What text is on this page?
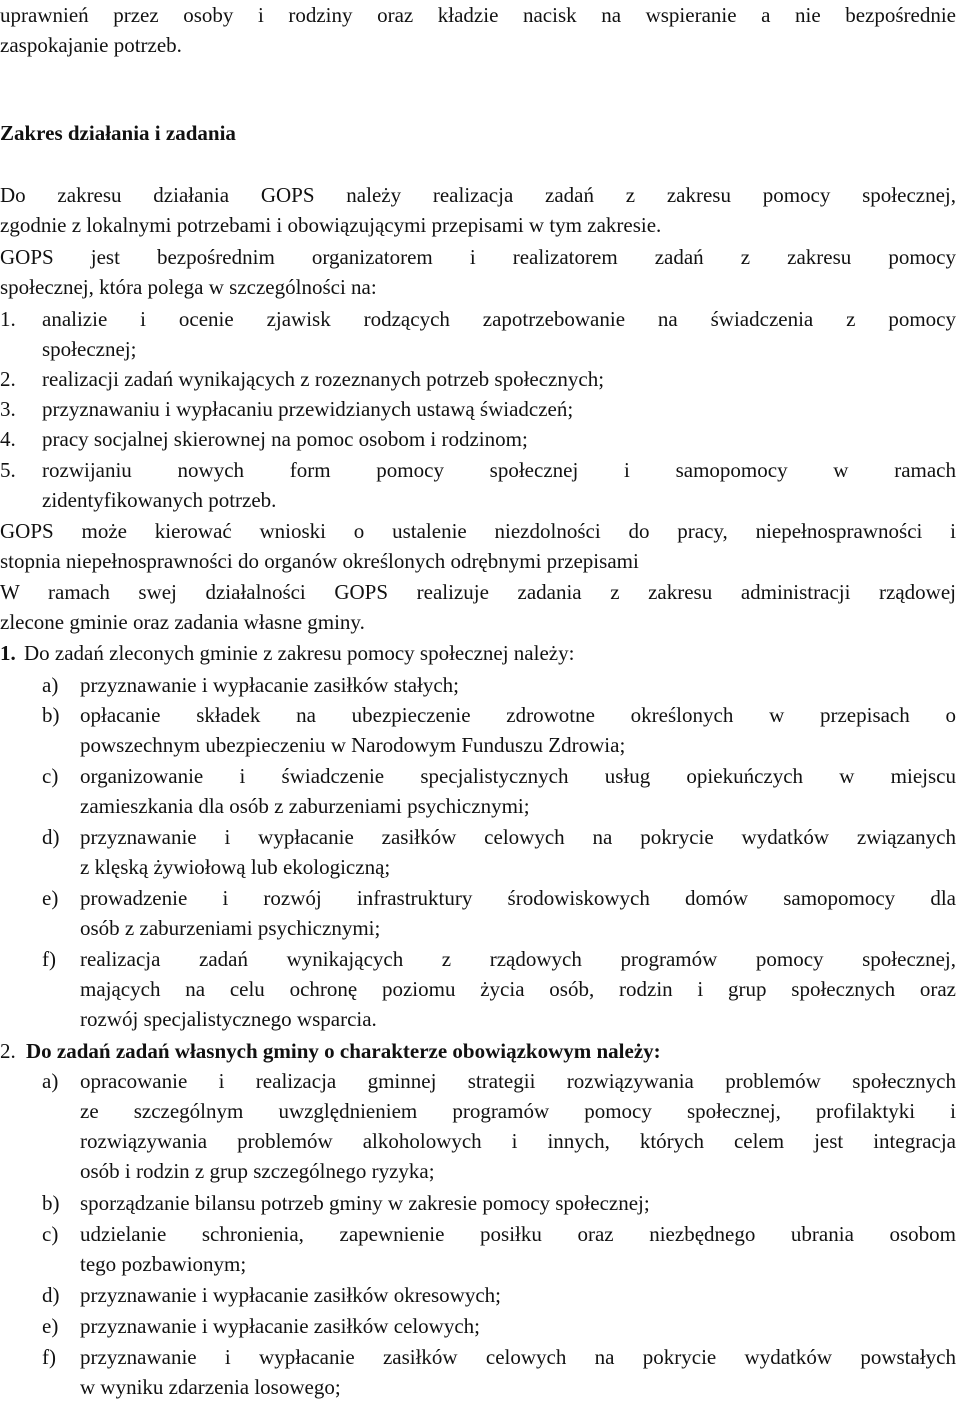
uprawnień przez osoby i rodziny oraz kładzie nacisk na wspieranie a nie bezpośrednie
zaspokajanie potrzeb.
Zakres działania i zadania
Do zakresu działania GOPS należy realizacja zadań z zakresu pomocy społecznej,
zgodnie z lokalnymi potrzebami i obowiązującymi przepisami w tym zakresie.
GOPS jest bezpośrednim organizatorem i realizatorem zadań z zakresu pomocy
społecznej, która polega w szczególności na:
1. analizie i ocenie zjawisk rodzących zapotrzebowanie na świadczenia z pomocy
społecznej;
2. realizacji zadań wynikających z rozeznanych potrzeb społecznych;
3. przyznawaniu i wypłacaniu przewidzianych ustawą świadczeń;
4. pracy socjalnej skierownej na pomoc osobom i rodzinom;
5. rozwijaniu nowych form pomocy społecznej i samopomocy w ramach
zidentyfikowanych potrzeb.
GOPS może kierować wnioski o ustalenie niezdolności do pracy, niepełnosprawności i
stopnia niepełnosprawności do organów określonych odrębnymi przepisami
W ramach swej działalności GOPS realizuje zadania z zakresu administracji rządowej
zlecone gminie oraz zadania własne gminy.
1. Do zadań zleconych gminie z zakresu pomocy społecznej należy:
a) przyznawanie i wypłacanie zasiłków stałych;
b) opłacanie składek na ubezpieczenie zdrowotne określonych w przepisach o
powszechnym ubezpieczeniu w Narodowym Funduszu Zdrowia;
c) organizowanie i świadczenie specjalistycznych usług opiekuńczych w miejscu
zamieszkania dla osób z zaburzeniami psychicznymi;
d) przyznawanie i wypłacanie zasiłków celowych na pokrycie wydatków związanych
z klęską żywiołową lub ekologiczną;
e) prowadzenie i rozwój infrastruktury środowiskowych domów samopomocy dla
osób z zaburzeniami psychicznymi;
f) realizacja zadań wynikających z rządowych programów pomocy społecznej,
mających na celu ochronę poziomu życia osób, rodzin i grup społecznych oraz
rozwój specjalistycznego wsparcia.
2. Do zadań zadań własnych gminy o charakterze obowiązkowym należy:
a) opracowanie i realizacja gminnej strategii rozwiązywania problemów społecznych
ze szczególnym uwzględnieniem programów pomocy społecznej, profilaktyki i
rozwiązywania problemów alkoholowych i innych, których celem jest integracja
osób i rodzin z grup szczególnego ryzyka;
b) sporządzanie bilansu potrzeb gminy w zakresie pomocy społecznej;
c) udzielanie schronienia, zapewnienie posiłku oraz niezbędnego ubrania osobom
tego pozbawionym;
d) przyznawanie i wypłacanie zasiłków okresowych;
e) przyznawanie i wypłacanie zasiłków celowych;
f) przyznawanie i wypłacanie zasiłków celowych na pokrycie wydatków powstałych
w wyniku zdarzenia losowego;
